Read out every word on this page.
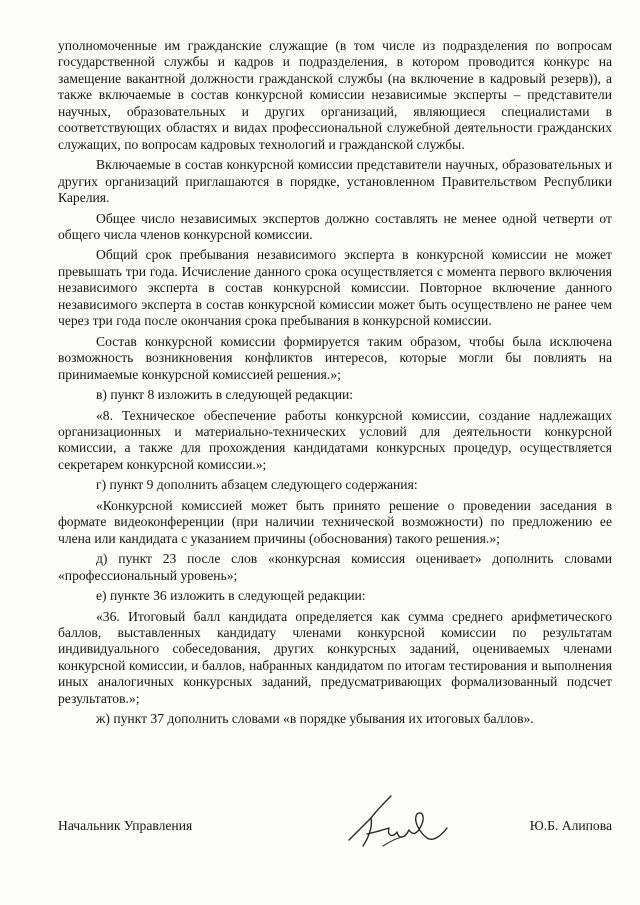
уполномоченные им гражданские служащие (в том числе из подразделения по вопросам государственной службы и кадров и подразделения, в котором проводится конкурс на замещение вакантной должности гражданской службы (на включение в кадровый резерв)), а также включаемые в состав конкурсной комиссии независимые эксперты – представители научных, образовательных и других организаций, являющиеся специалистами в соответствующих областях и видах профессиональной служебной деятельности гражданских служащих, по вопросам кадровых технологий и гражданской службы.

Включаемые в состав конкурсной комиссии представители научных, образовательных и других организаций приглашаются в порядке, установленном Правительством Республики Карелия.

Общее число независимых экспертов должно составлять не менее одной четверти от общего числа членов конкурсной комиссии.

Общий срок пребывания независимого эксперта в конкурсной комиссии не может превышать три года. Исчисление данного срока осуществляется с момента первого включения независимого эксперта в состав конкурсной комиссии. Повторное включение данного независимого эксперта в состав конкурсной комиссии может быть осуществлено не ранее чем через три года после окончания срока пребывания в конкурсной комиссии.

Состав конкурсной комиссии формируется таким образом, чтобы была исключена возможность возникновения конфликтов интересов, которые могли бы повлиять на принимаемые конкурсной комиссией решения.»;

в) пункт 8 изложить в следующей редакции:

«8. Техническое обеспечение работы конкурсной комиссии, создание надлежащих организационных и материально-технических условий для деятельности конкурсной комиссии, а также для прохождения кандидатами конкурсных процедур, осуществляется секретарем конкурсной комиссии.»;

г) пункт 9 дополнить абзацем следующего содержания:

«Конкурсной комиссией может быть принято решение о проведении заседания в формате видеоконференции (при наличии технической возможности) по предложению ее члена или кандидата с указанием причины (обоснования) такого решения.»;

д) пункт 23 после слов «конкурсная комиссия оценивает» дополнить словами «профессиональный уровень»;

е) пункте 36 изложить в следующей редакции:

«36. Итоговый балл кандидата определяется как сумма среднего арифметического баллов, выставленных кандидату членами конкурсной комиссии по результатам индивидуального собеседования, других конкурсных заданий, оцениваемых членами конкурсной комиссии, и баллов, набранных кандидатом по итогам тестирования и выполнения иных аналогичных конкурсных заданий, предусматривающих формализованный подсчет результатов.»;

ж) пункт 37 дополнить словами «в порядке убывания их итоговых баллов».

Начальник Управления	Ю.Б. Алипова
